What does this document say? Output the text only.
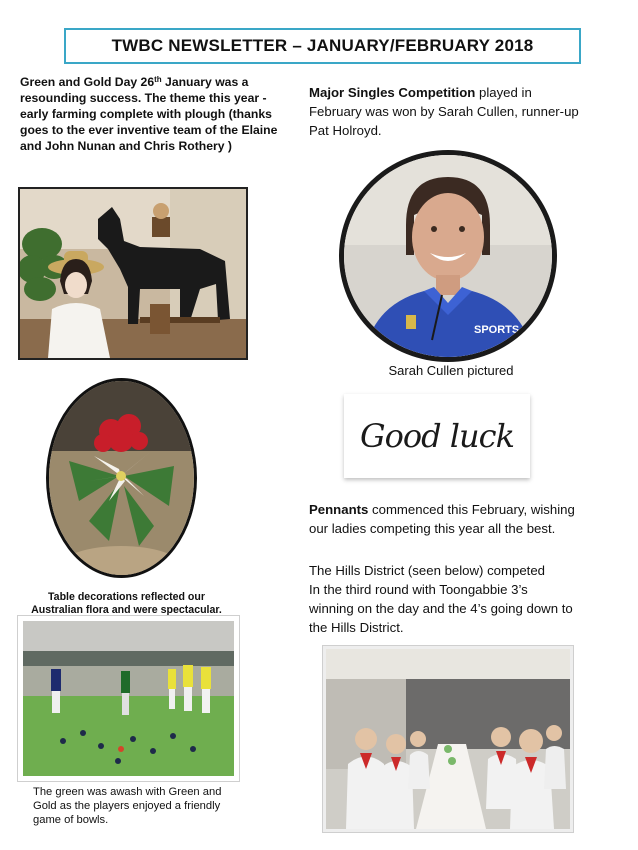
TWBC NEWSLETTER – JANUARY/FEBRUARY 2018
Green and Gold Day 26th January was a resounding success. The theme this year - early farming complete with plough (thanks goes to the ever inventive team of the Elaine and John Nunan and Chris Rothery )
Table decorations reflected our
Australian flora and were spectacular.
The green was awash with Green and
Gold as the players enjoyed a friendly
game of bowls.
Major Singles Competition played in
February was won by Sarah Cullen, runner-up
Pat Holroyd.
SPORTS
Sarah Cullen pictured
Good luck
Pennants commenced this February, wishing
our ladies competing this year all the best.
The Hills District (seen below) competed
In the third round with Toongabbie 3’s
winning on the day and the 4’s going down to
the Hills District.
